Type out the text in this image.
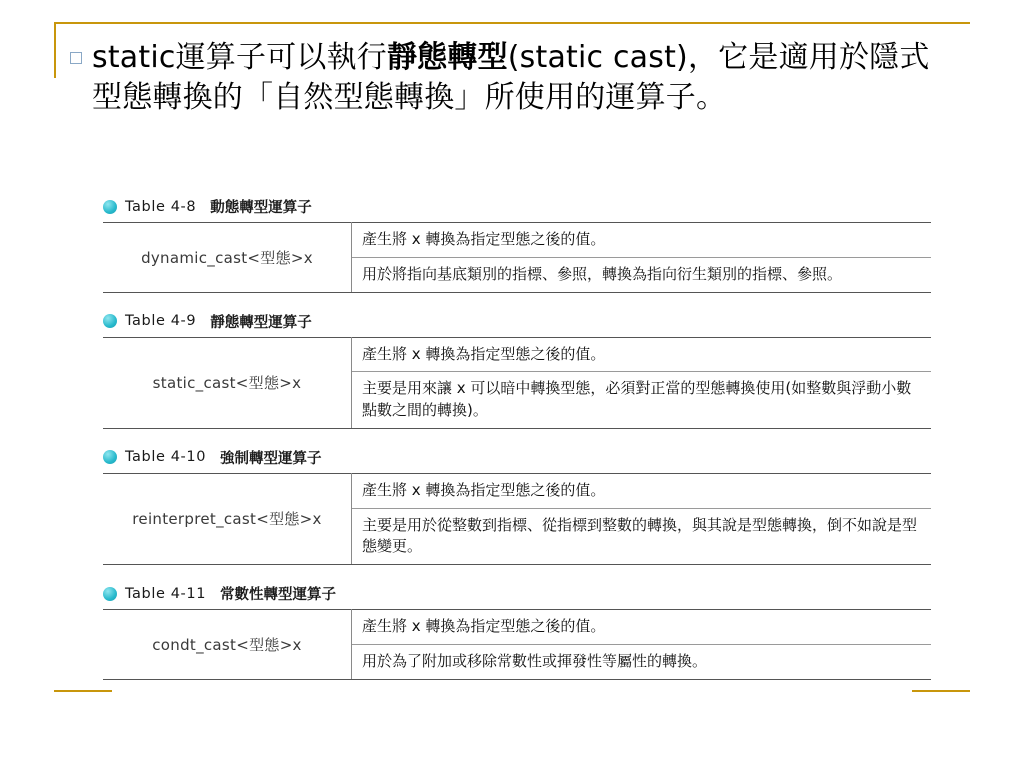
static運算子可以執行靜態轉型(static cast)，它是適用於隱式型態轉換的「自然型態轉換」所使用的運算子。
Table 4-8 動態轉型運算子
dynamic_cast<型態>x	
產生將 x 轉換為指定型態之後的值。
用於將指向基底類別的指標、參照，轉換為指向衍生類別的指標、參照。
Table 4-9 靜態轉型運算子
static_cast<型態>x	
產生將 x 轉換為指定型態之後的值。
主要是用來讓 x 可以暗中轉換型態，必須對正當的型態轉換使用(如整數與浮動小數點數之間的轉換)。
Table 4-10 強制轉型運算子
reinterpret_cast<型態>x	
產生將 x 轉換為指定型態之後的值。
主要是用於從整數到指標、從指標到整數的轉換，與其說是型態轉換，倒不如說是型態變更。
Table 4-11 常數性轉型運算子
condt_cast<型態>x	
產生將 x 轉換為指定型態之後的值。
用於為了附加或移除常數性或揮發性等屬性的轉換。
